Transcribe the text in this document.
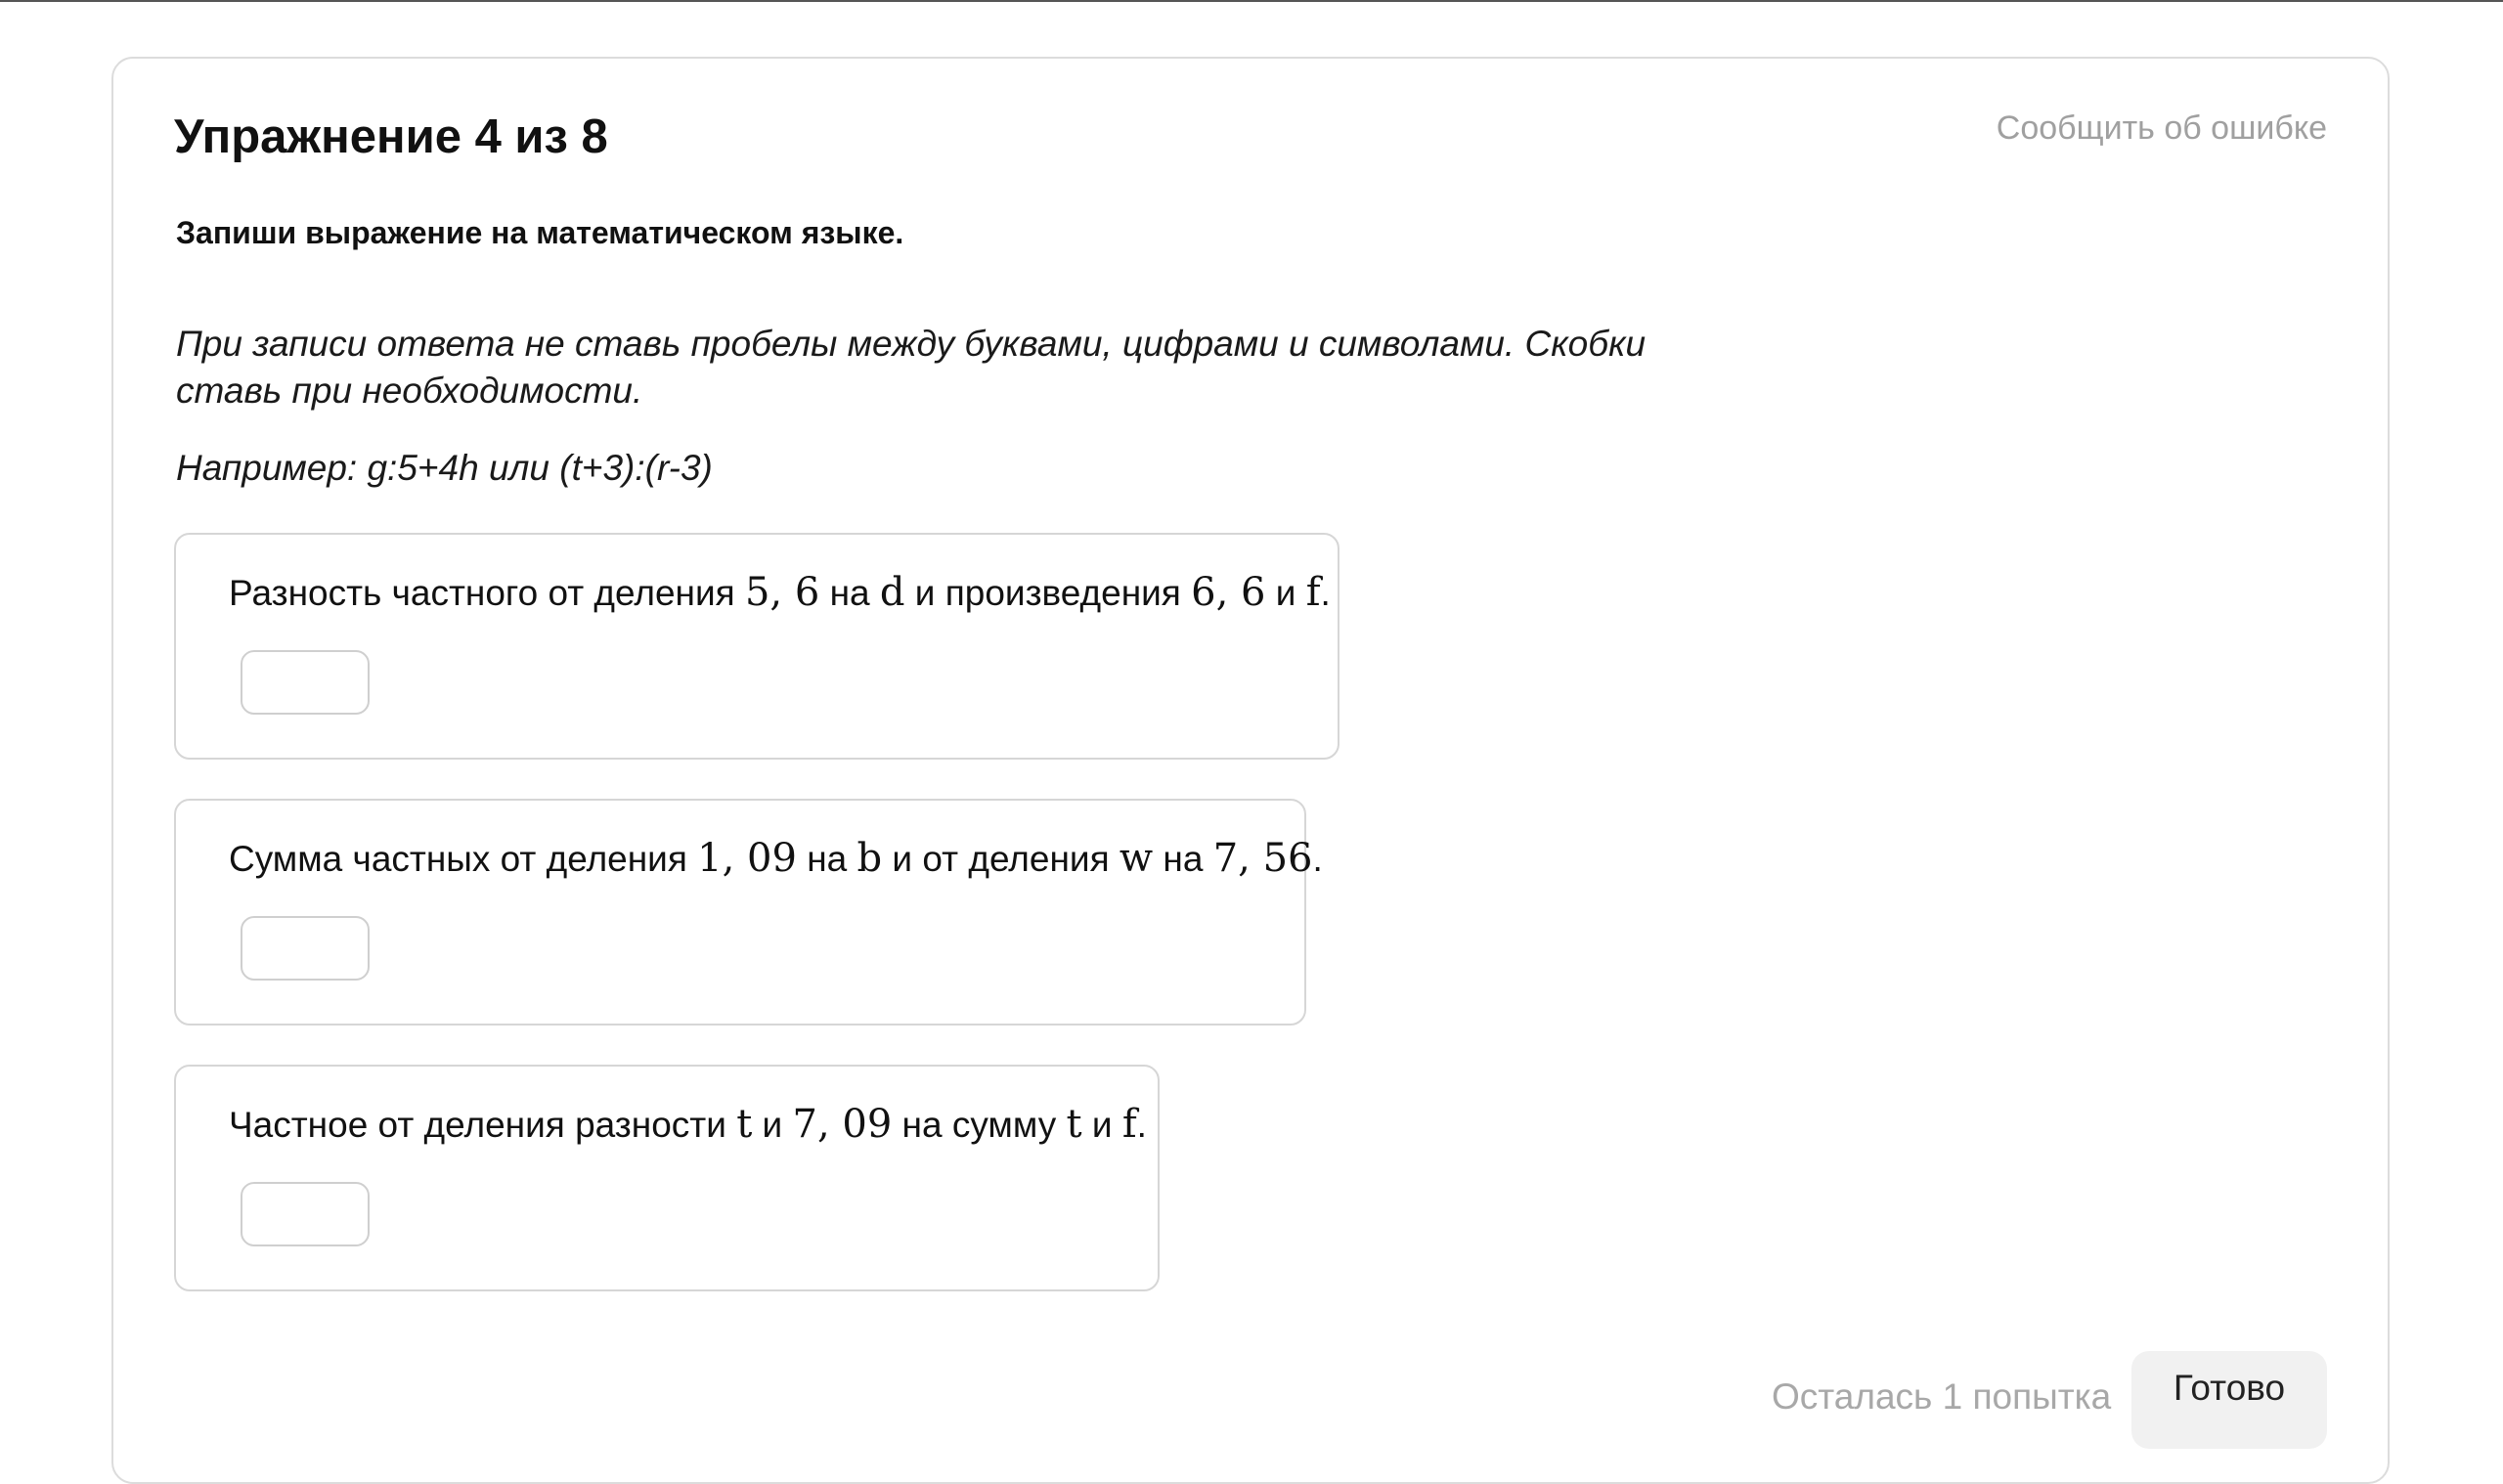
Упражнение 4 из 8	Сообщить об ошибке
Запиши выражение на математическом языке.
При записи ответа не ставь пробелы между буквами, цифрами и символами. Скобки ставь при необходимости.
Например: g:5+4h или (t+3):(r-3)
Разность частного от деления 5, 6 на d и произведения 6, 6 и f.
Сумма частных от деления 1, 09 на b и от деления w на 7, 56.
Частное от деления разности t и 7, 09 на сумму t и f.
Осталась 1 попытка	Готово
